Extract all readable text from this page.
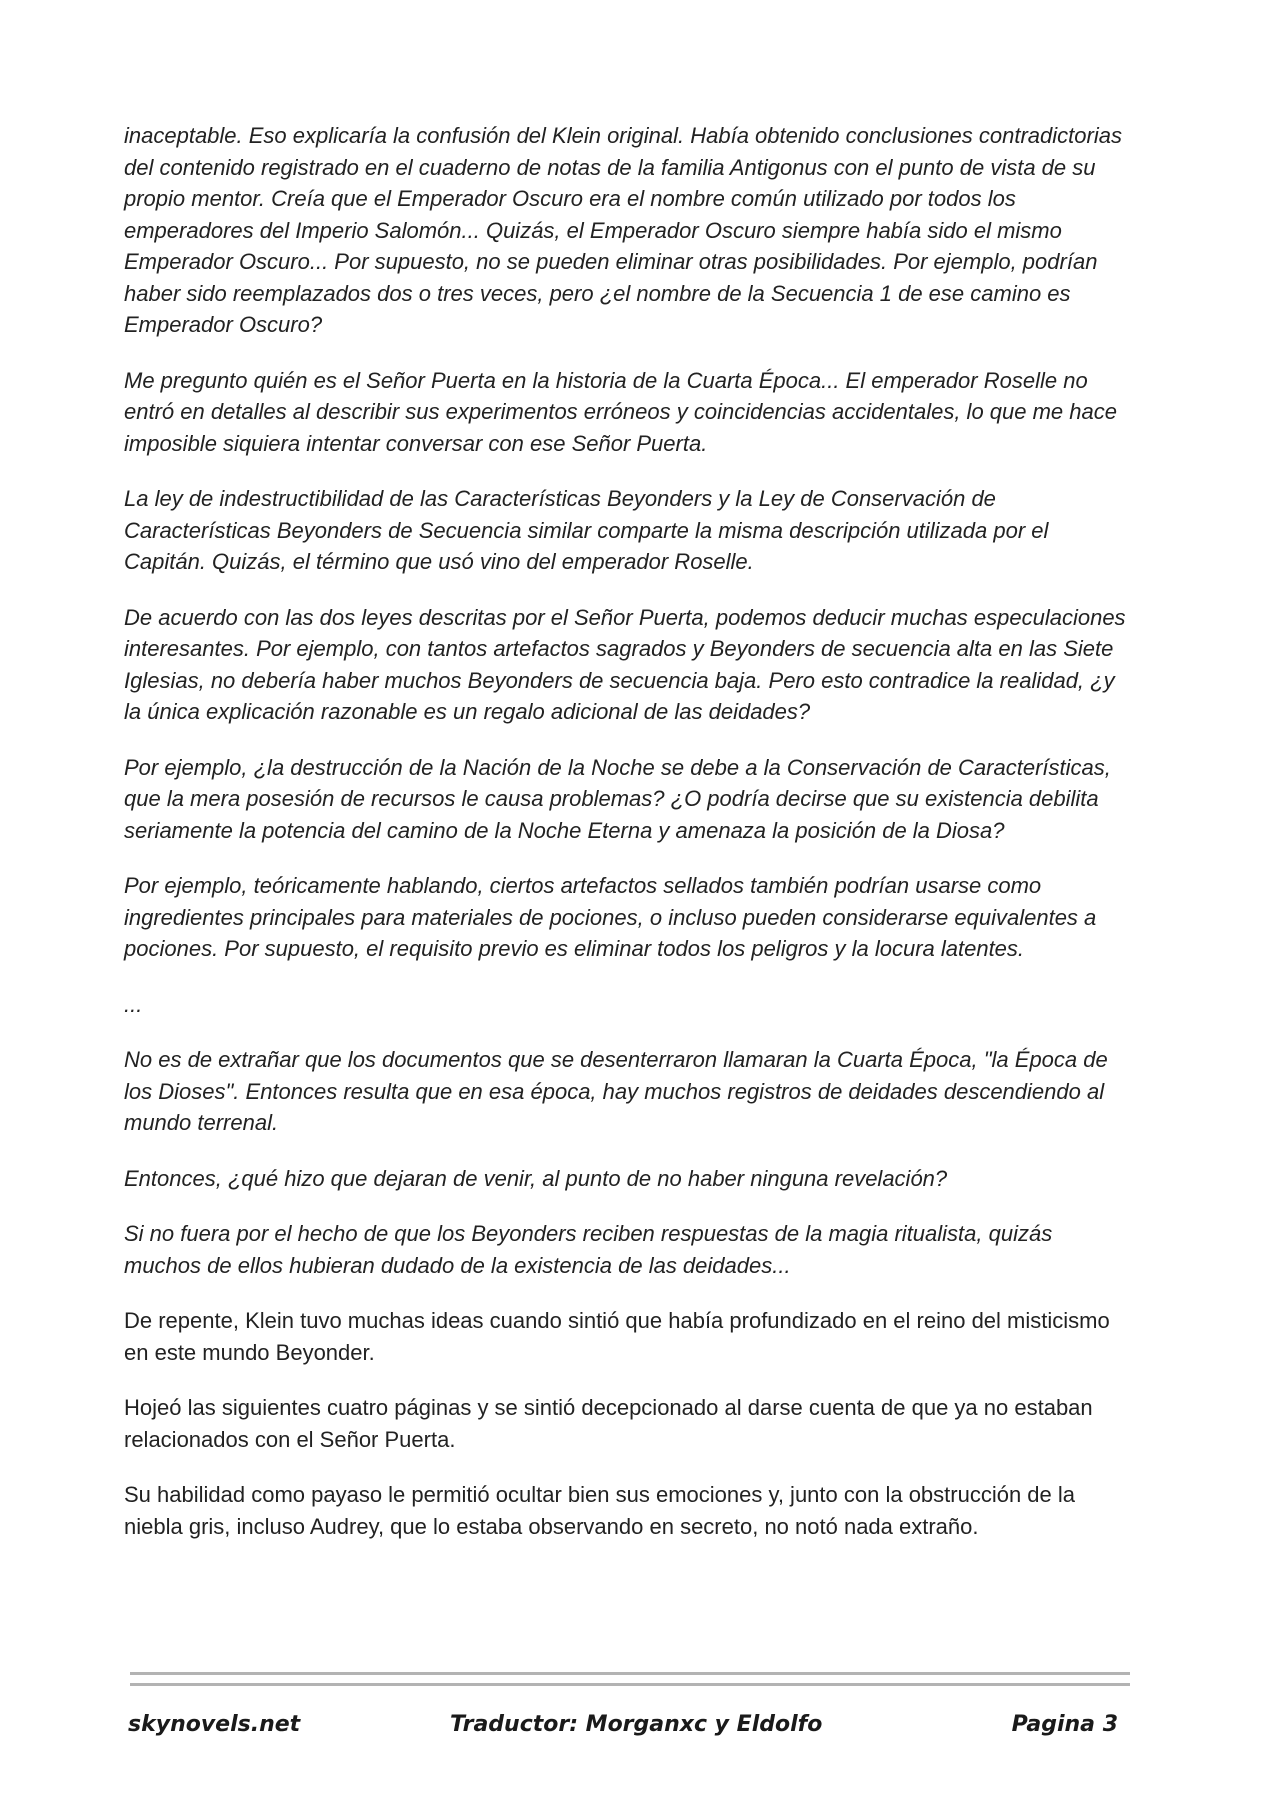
inaceptable. Eso explicaría la confusión del Klein original. Había obtenido conclusiones contradictorias del contenido registrado en el cuaderno de notas de la familia Antigonus con el punto de vista de su propio mentor. Creía que el Emperador Oscuro era el nombre común utilizado por todos los emperadores del Imperio Salomón... Quizás, el Emperador Oscuro siempre había sido el mismo Emperador Oscuro... Por supuesto, no se pueden eliminar otras posibilidades. Por ejemplo, podrían haber sido reemplazados dos o tres veces, pero ¿el nombre de la Secuencia 1 de ese camino es Emperador Oscuro?

Me pregunto quién es el Señor Puerta en la historia de la Cuarta Época... El emperador Roselle no entró en detalles al describir sus experimentos erróneos y coincidencias accidentales, lo que me hace imposible siquiera intentar conversar con ese Señor Puerta.

La ley de indestructibilidad de las Características Beyonders y la Ley de Conservación de Características Beyonders de Secuencia similar comparte la misma descripción utilizada por el Capitán. Quizás, el término que usó vino del emperador Roselle.

De acuerdo con las dos leyes descritas por el Señor Puerta, podemos deducir muchas especulaciones interesantes. Por ejemplo, con tantos artefactos sagrados y Beyonders de secuencia alta en las Siete Iglesias, no debería haber muchos Beyonders de secuencia baja. Pero esto contradice la realidad, ¿y la única explicación razonable es un regalo adicional de las deidades?

Por ejemplo, ¿la destrucción de la Nación de la Noche se debe a la Conservación de Características, que la mera posesión de recursos le causa problemas? ¿O podría decirse que su existencia debilita seriamente la potencia del camino de la Noche Eterna y amenaza la posición de la Diosa?

Por ejemplo, teóricamente hablando, ciertos artefactos sellados también podrían usarse como ingredientes principales para materiales de pociones, o incluso pueden considerarse equivalentes a pociones. Por supuesto, el requisito previo es eliminar todos los peligros y la locura latentes.

...

No es de extrañar que los documentos que se desenterraron llamaran la Cuarta Época, "la Época de los Dioses". Entonces resulta que en esa época, hay muchos registros de deidades descendiendo al mundo terrenal.

Entonces, ¿qué hizo que dejaran de venir, al punto de no haber ninguna revelación?

Si no fuera por el hecho de que los Beyonders reciben respuestas de la magia ritualista, quizás muchos de ellos hubieran dudado de la existencia de las deidades...

De repente, Klein tuvo muchas ideas cuando sintió que había profundizado en el reino del misticismo en este mundo Beyonder.

Hojeó las siguientes cuatro páginas y se sintió decepcionado al darse cuenta de que ya no estaban relacionados con el Señor Puerta.

Su habilidad como payaso le permitió ocultar bien sus emociones y, junto con la obstrucción de la niebla gris, incluso Audrey, que lo estaba observando en secreto, no notó nada extraño.

skynovels.net	Traductor: Morganxc y Eldolfo	Pagina 3
